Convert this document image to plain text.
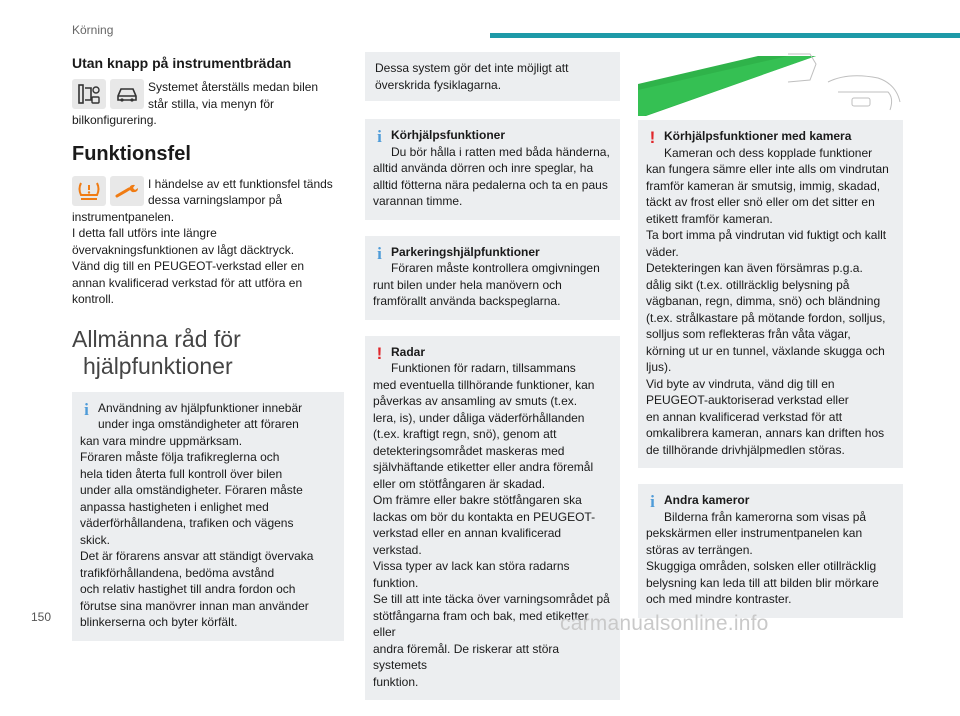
Körning
Utan knapp på instrumentbrädan
Systemet återställs medan bilen
står stilla, via menyn för
bilkonfigurering.
Funktionsfel
I händelse av ett funktionsfel tänds
dessa varningslampor på
instrumentpanelen.
I detta fall utförs inte längre
övervakningsfunktionen av lågt däcktryck.
Vänd dig till en PEUGEOT-verkstad eller en
annan kvalificerad verkstad för att utföra en
kontroll.
Allmänna råd för
hjälpfunktioner
i Användning av hjälpfunktioner innebär
under inga omständigheter att föraren
kan vara mindre uppmärksam.
Föraren måste följa trafikreglerna och
hela tiden återta full kontroll över bilen
under alla omständigheter. Föraren måste
anpassa hastigheten i enlighet med
väderförhållandena, trafiken och vägens
skick.
Det är förarens ansvar att ständigt övervaka
trafikförhållandena, bedöma avstånd
och relativ hastighet till andra fordon och
förutse sina manövrer innan man använder
blinkerserna och byter körfält.

Dessa system gör det inte möjligt att
överskrida fysiklagarna.

i Körhjälpsfunktioner
Du bör hålla i ratten med båda händerna,
alltid använda dörren och inre speglar, ha
alltid fötterna nära pedalerna och ta en paus
varannan timme.

i Parkeringshjälpfunktioner
Föraren måste kontrollera omgivningen
runt bilen under hela manövern och
framförallt använda backspeglarna.

! Radar
Funktionen för radarn, tillsammans
med eventuella tillhörande funktioner, kan
påverkas av ansamling av smuts (t.ex.
lera, is), under dåliga väderförhållanden
(t.ex. kraftigt regn, snö), genom att
detekteringsområdet maskeras med
självhäftande etiketter eller andra föremål
eller om stötfångaren är skadad.
Om främre eller bakre stötfångaren ska
lackas om bör du kontakta en PEUGEOT-
verkstad eller en annan kvalificerad verkstad.
Vissa typer av lack kan störa radarns funktion.
Se till att inte täcka över varningsområdet på
stötfångarna fram och bak, med etiketter eller
andra föremål. De riskerar att störa systemets
funktion.

! Körhjälpsfunktioner med kamera
Kameran och dess kopplade funktioner
kan fungera sämre eller inte alls om vindrutan
framför kameran är smutsig, immig, skadad,
täckt av frost eller snö eller om det sitter en
etikett framför kameran.
Ta bort imma på vindrutan vid fuktigt och kallt
väder.
Detekteringen kan även försämras p.g.a.
dålig sikt (t.ex. otillräcklig belysning på
vägbanan, regn, dimma, snö) och bländning
(t.ex. strålkastare på mötande fordon, solljus,
solljus som reflekteras från våta vägar,
körning ut ur en tunnel, växlande skugga och
ljus).
Vid byte av vindruta, vänd dig till en
PEUGEOT-auktoriserad verkstad eller
en annan kvalificerad verkstad för att
omkalibrera kameran, annars kan driften hos
de tillhörande drivhjälpmedlen störas.

i Andra kameror
Bilderna från kamerorna som visas på
pekskärmen eller instrumentpanelen kan
störas av terrängen.
Skuggiga områden, solsken eller otillräcklig
belysning kan leda till att bilden blir mörkare
och med mindre kontraster.

150	carmanualsonline.info
